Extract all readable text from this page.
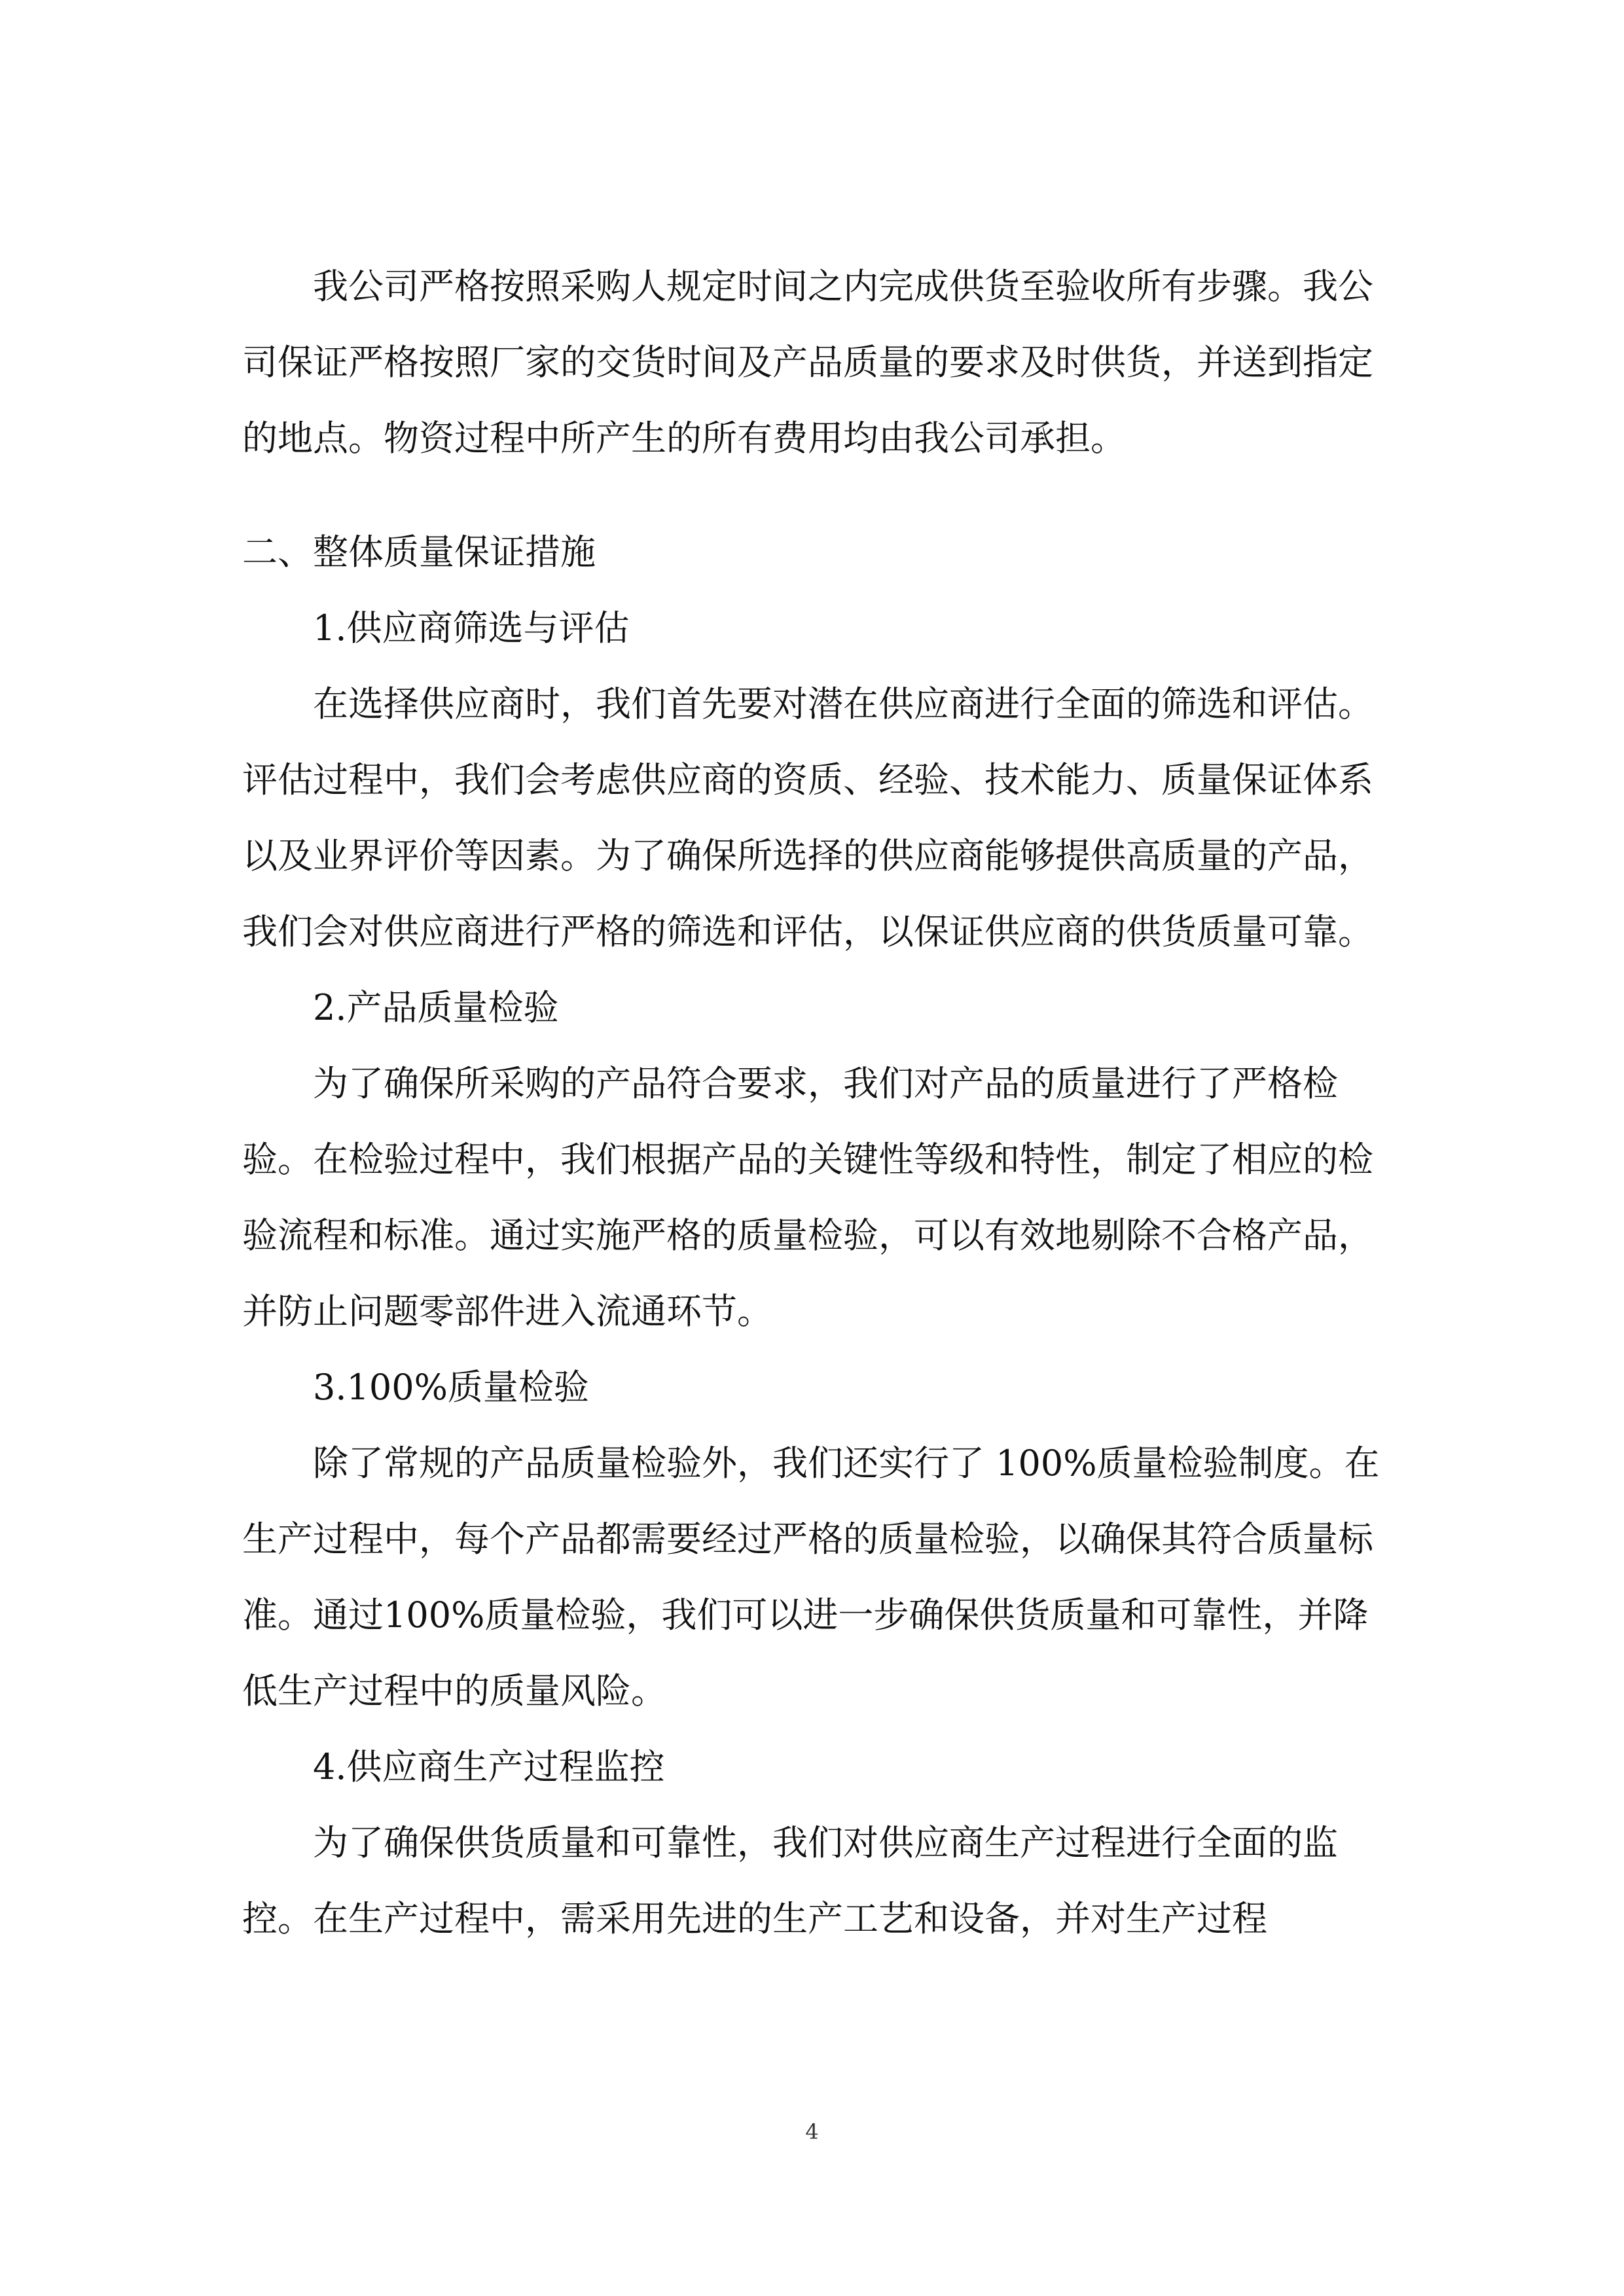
我公司严格按照采购人规定时间之内完成供货至验收所有步骤。我公司保证严格按照厂家的交货时间及产品质量的要求及时供货，并送到指定的地点。物资过程中所产生的所有费用均由我公司承担。

二、整体质量保证措施

1.供应商筛选与评估

在选择供应商时，我们首先要对潜在供应商进行全面的筛选和评估。评估过程中，我们会考虑供应商的资质、经验、技术能力、质量保证体系以及业界评价等因素。为了确保所选择的供应商能够提供高质量的产品，我们会对供应商进行严格的筛选和评估，以保证供应商的供货质量可靠。

2.产品质量检验

为了确保所采购的产品符合要求，我们对产品的质量进行了严格检验。在检验过程中，我们根据产品的关键性等级和特性，制定了相应的检验流程和标准。通过实施严格的质量检验，可以有效地剔除不合格产品，并防止问题零部件进入流通环节。

3.100%质量检验

除了常规的产品质量检验外，我们还实行了 100%质量检验制度。在生产过程中，每个产品都需要经过严格的质量检验，以确保其符合质量标准。通过100%质量检验，我们可以进一步确保供货质量和可靠性，并降低生产过程中的质量风险。

4.供应商生产过程监控

为了确保供货质量和可靠性，我们对供应商生产过程进行全面的监控。在生产过程中，需采用先进的生产工艺和设备，并对生产过程

4
